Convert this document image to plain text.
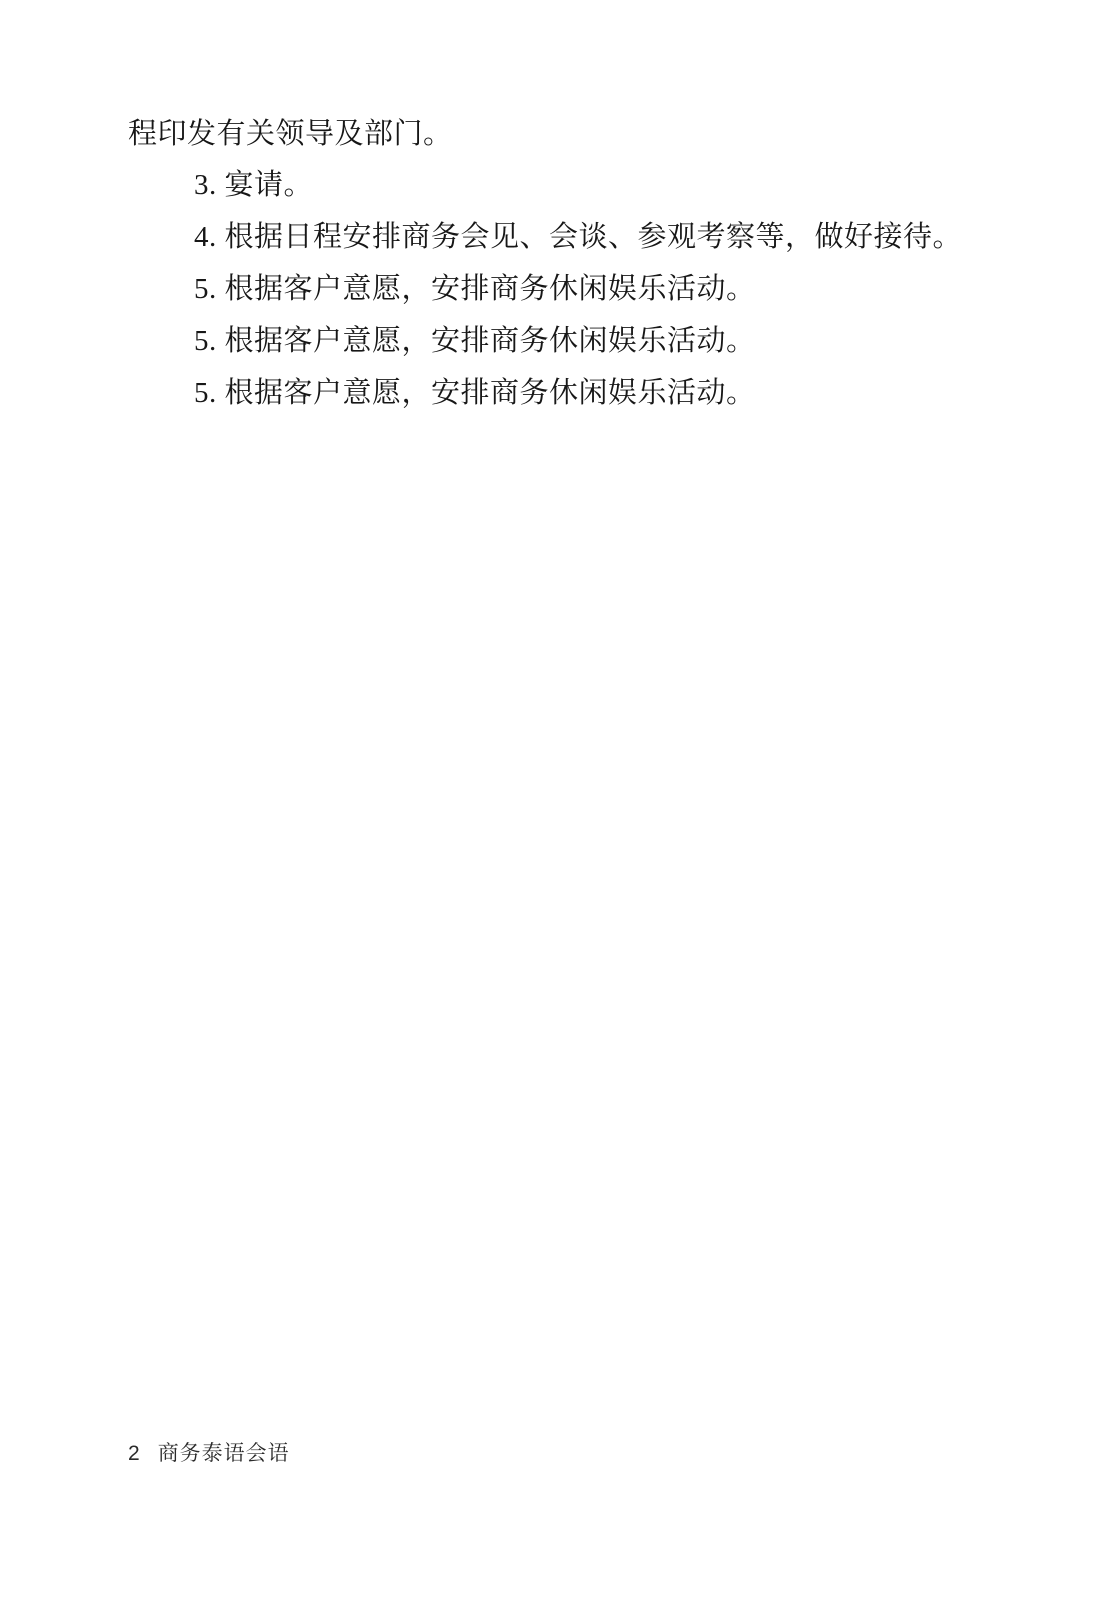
程印发有关领导及部门。

3. 宴请。

4. 根据日程安排商务会见、会谈、参观考察等，做好接待。

5. 根据客户意愿，安排商务休闲娱乐活动。

5. 根据客户意愿，安排商务休闲娱乐活动。

5. 根据客户意愿，安排商务休闲娱乐活动。

2 商务泰语会语
